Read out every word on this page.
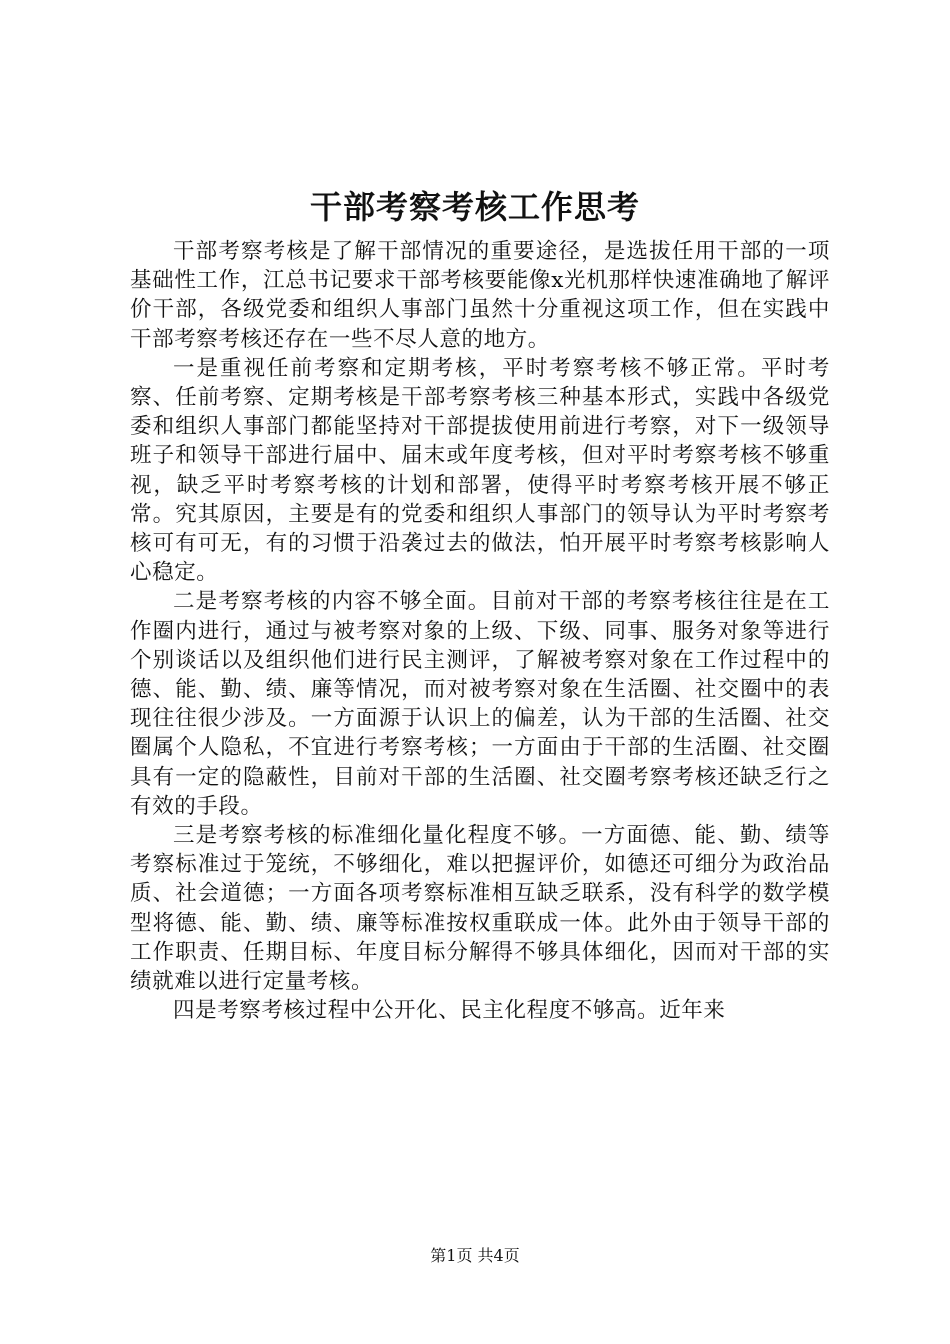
干部考察考核工作思考

干部考察考核是了解干部情况的重要途径，是选拔任用干部的一项基础性工作，江总书记要求干部考核要能像x光机那样快速准确地了解评价干部，各级党委和组织人事部门虽然十分重视这项工作，但在实践中干部考察考核还存在一些不尽人意的地方。

一是重视任前考察和定期考核，平时考察考核不够正常。平时考察、任前考察、定期考核是干部考察考核三种基本形式，实践中各级党委和组织人事部门都能坚持对干部提拔使用前进行考察，对下一级领导班子和领导干部进行届中、届末或年度考核，但对平时考察考核不够重视，缺乏平时考察考核的计划和部署，使得平时考察考核开展不够正常。究其原因，主要是有的党委和组织人事部门的领导认为平时考察考核可有可无，有的习惯于沿袭过去的做法，怕开展平时考察考核影响人心稳定。

二是考察考核的内容不够全面。目前对干部的考察考核往往是在工作圈内进行，通过与被考察对象的上级、下级、同事、服务对象等进行个别谈话以及组织他们进行民主测评，了解被考察对象在工作过程中的德、能、勤、绩、廉等情况，而对被考察对象在生活圈、社交圈中的表现往往很少涉及。一方面源于认识上的偏差，认为干部的生活圈、社交圈属个人隐私，不宜进行考察考核；一方面由于干部的生活圈、社交圈具有一定的隐蔽性，目前对干部的生活圈、社交圈考察考核还缺乏行之有效的手段。

三是考察考核的标准细化量化程度不够。一方面德、能、勤、绩等考察标准过于笼统，不够细化，难以把握评价，如德还可细分为政治品质、社会道德；一方面各项考察标准相互缺乏联系，没有科学的数学模型将德、能、勤、绩、廉等标准按权重联成一体。此外由于领导干部的工作职责、任期目标、年度目标分解得不够具体细化，因而对干部的实绩就难以进行定量考核。

四是考察考核过程中公开化、民主化程度不够高。近年来

第1页 共4页
